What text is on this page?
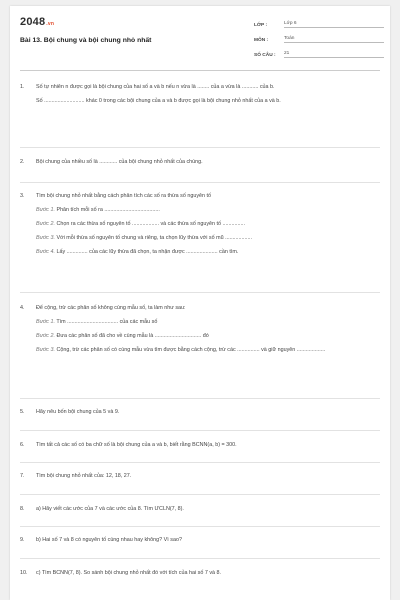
2048.vn
Bài 13. Bội chung và bội chung nhỏ nhất
LỚP :	Lớp 6
MÔN :	Toán
SỐ CÂU :	21
1.	Số tự nhiên n được gọi là bội chung của hai số a và b nếu n vừa là ........ của a vừa là ........... của b.
Số ........................... khác 0 trong các bội chung của a và b được gọi là bội chung nhỏ nhất của a và b.
2.	Bội chung của nhiều số là ............ của bội chung nhỏ nhất của chúng.
3.	Tìm bội chung nhỏ nhất bằng cách phân tích các số ra thừa số nguyên tố
Bước 1. Phân tích mỗi số ra .....................................
Bước 2. Chọn ra các thừa số nguyên tố .................. và các thừa số nguyên tố ...............
Bước 3. Với mỗi thừa số nguyên tố chung và riêng, ta chọn lũy thừa với số mũ ..................
Bước 4. Lấy .............. của các lũy thừa đã chọn, ta nhận được ..................... cần tìm.
4.	Để cộng, trừ các phân số không cùng mẫu số, ta làm như sau:
Bước 1. Tìm .................................. của các mẫu số
Bước 2. Đưa các phân số đã cho về cùng mẫu là ............................... đó
Bước 3. Cộng, trừ các phân số có cùng mẫu vừa tìm được bằng cách cộng, trừ các ............... và giữ nguyên ...................
5.	Hãy nêu bốn bội chung của 5 và 9.
6.	Tìm tất cả các số có ba chữ số là bội chung của a và b, biết rằng BCNN(a, b) = 300.
7.	Tìm bội chung nhỏ nhất của: 12, 18, 27.
8.	a) Hãy viết các ước của 7 và các ước của 8. Tìm ƯCLN(7, 8).
9.	b) Hai số 7 và 8 có nguyên tố cùng nhau hay không? Vì sao?
10.	c) Tìm BCNN(7, 8). So sánh bội chung nhỏ nhất đó với tích của hai số 7 và 8.
